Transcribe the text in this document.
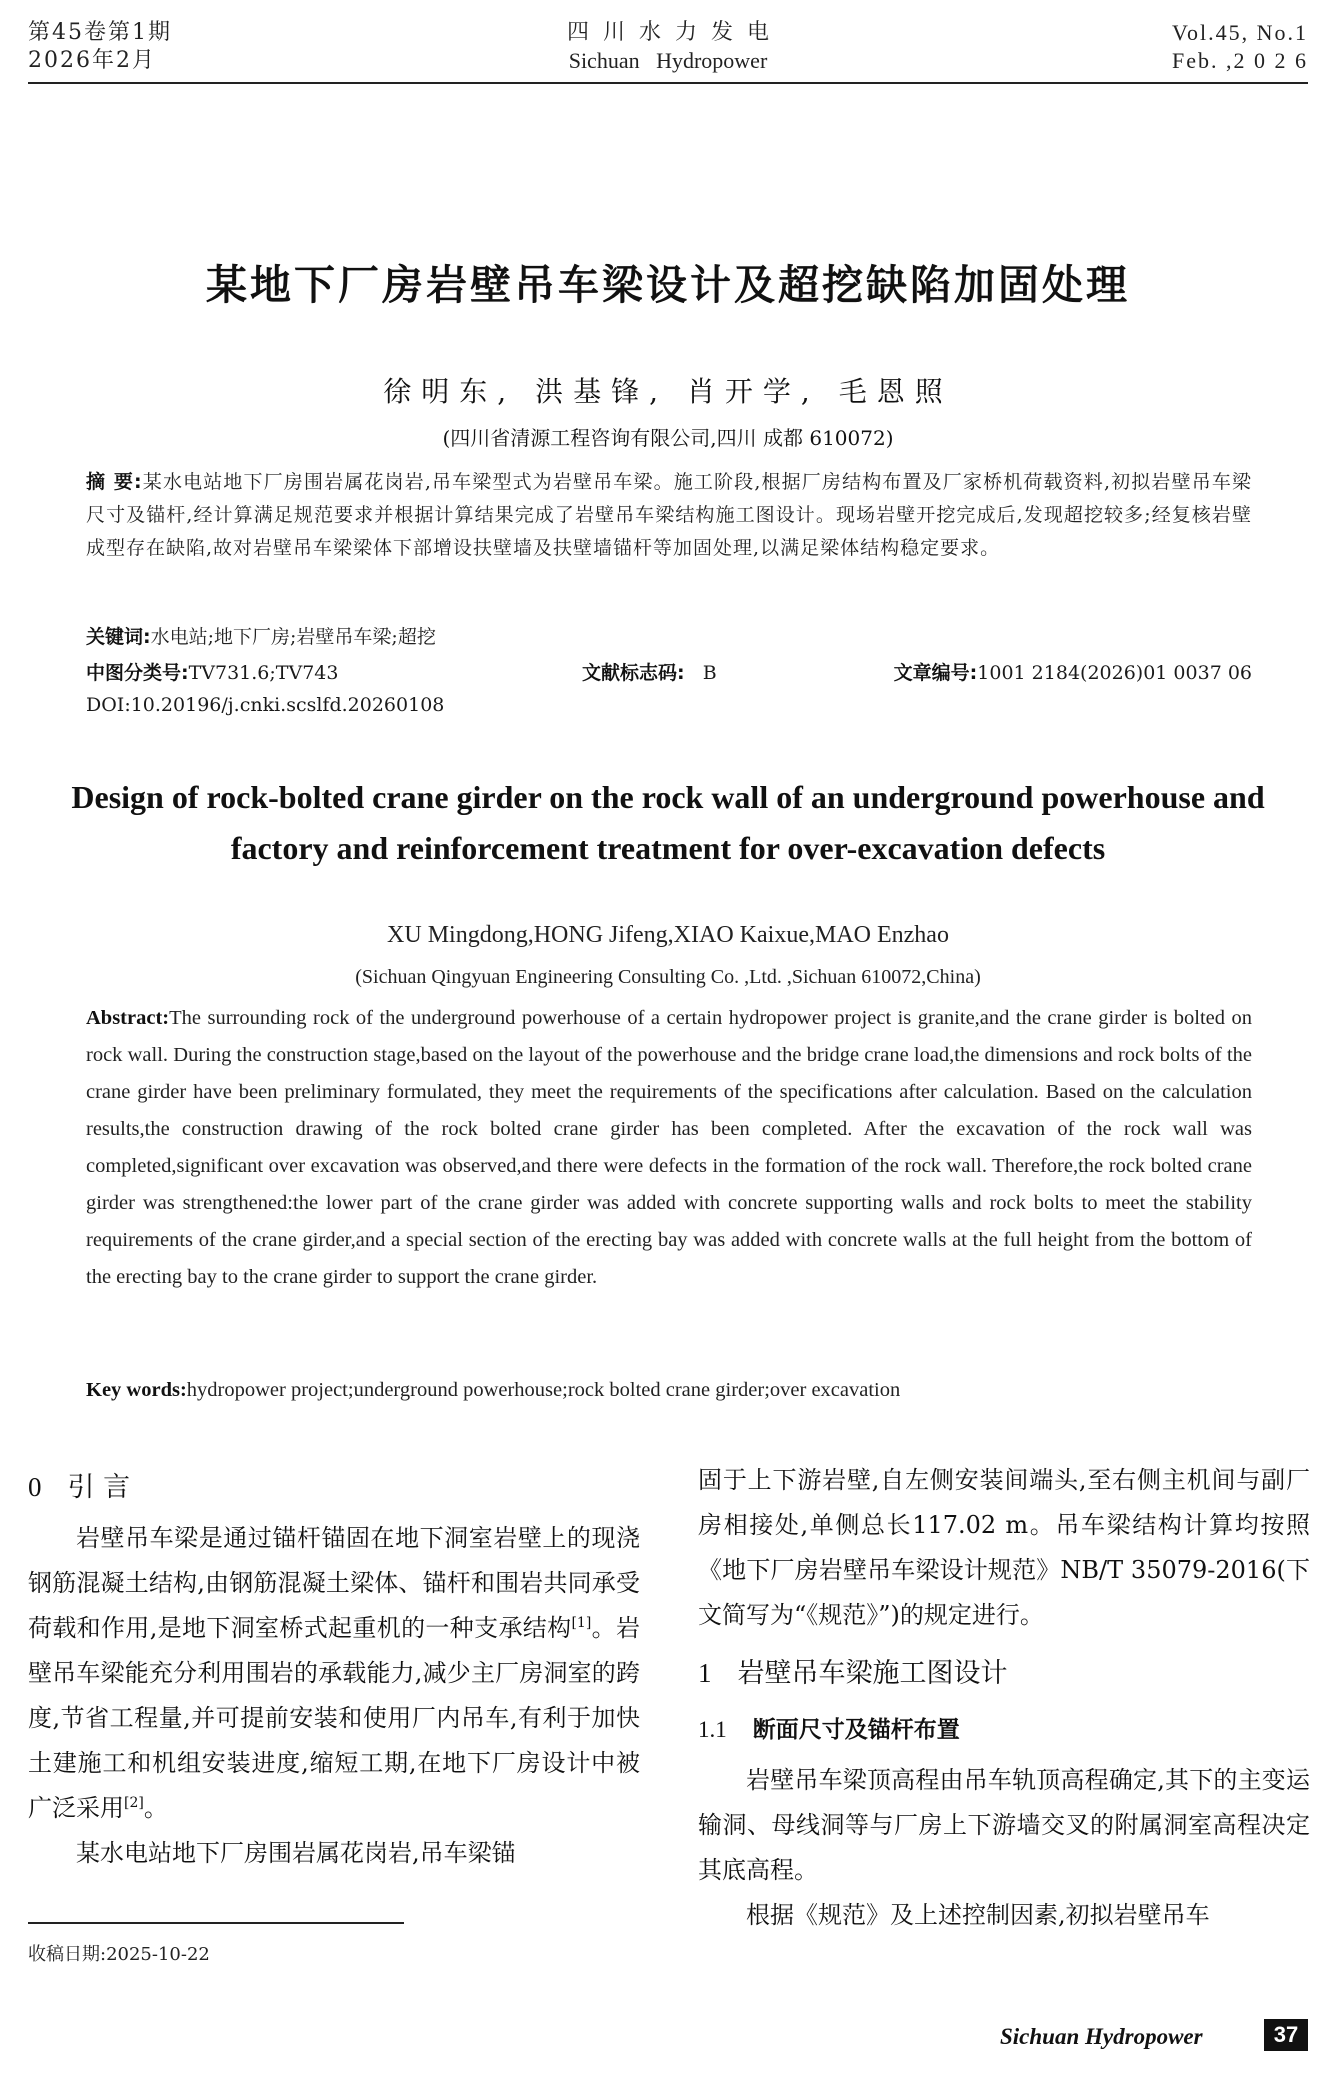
第45卷第1期
2026年2月
四  川  水  力  发  电
Sichuan   Hydropower
Vol.45, No.1
Feb. ,2 0 2 6
某地下厂房岩壁吊车梁设计及超挖缺陷加固处理
徐明东, 洪基锋, 肖开学, 毛恩照
(四川省清源工程咨询有限公司,四川 成都 610072)
摘 要:某水电站地下厂房围岩属花岗岩,吊车梁型式为岩壁吊车梁。施工阶段,根据厂房结构布置及厂家桥机荷载资料,初拟岩壁吊车梁尺寸及锚杆,经计算满足规范要求并根据计算结果完成了岩壁吊车梁结构施工图设计。现场岩壁开挖完成后,发现超挖较多;经复核岩壁成型存在缺陷,故对岩壁吊车梁梁体下部增设扶壁墙及扶壁墙锚杆等加固处理,以满足梁体结构稳定要求。
关键词:水电站;地下厂房;岩壁吊车梁;超挖
中图分类号:TV731.6;TV743	文献标志码: B	文章编号:1001 2184(2026)01 0037 06
DOI:10.20196/j.cnki.scslfd.20260108
Design of rock-bolted crane girder on the rock wall of an underground powerhouse and factory and reinforcement treatment for over-excavation defects
XU Mingdong,HONG Jifeng,XIAO Kaixue,MAO Enzhao
(Sichuan Qingyuan Engineering Consulting Co. ,Ltd. ,Sichuan 610072,China)
Abstract:The surrounding rock of the underground powerhouse of a certain hydropower project is granite,and the crane girder is bolted on rock wall. During the construction stage,based on the layout of the powerhouse and the bridge crane load,the dimensions and rock bolts of the crane girder have been preliminary formulated, they meet the requirements of the specifications after calculation. Based on the calculation results,the construction drawing of the rock bolted crane girder has been completed. After the excavation of the rock wall was completed,significant over excavation was observed,and there were defects in the formation of the rock wall. Therefore,the rock bolted crane girder was strengthened:the lower part of the crane girder was added with concrete supporting walls and rock bolts to meet the stability requirements of the crane girder,and a special section of the erecting bay was added with concrete walls at the full height from the bottom of the erecting bay to the crane girder to support the crane girder.
Key words:hydropower project;underground powerhouse;rock bolted crane girder;over excavation
0 引 言

岩壁吊车梁是通过锚杆锚固在地下洞室岩壁上的现浇钢筋混凝土结构,由钢筋混凝土梁体、锚杆和围岩共同承受荷载和作用,是地下洞室桥式起重机的一种支承结构[1]。岩壁吊车梁能充分利用围岩的承载能力,减少主厂房洞室的跨度,节省工程量,并可提前安装和使用厂内吊车,有利于加快土建施工和机组安装进度,缩短工期,在地下厂房设计中被广泛采用[2]。

某水电站地下厂房围岩属花岗岩,吊车梁锚

固于上下游岩壁,自左侧安装间端头,至右侧主机间与副厂房相接处,单侧总长117.02 m。吊车梁结构计算均按照《地下厂房岩壁吊车梁设计规范》NB/T 35079-2016(下文简写为“《规范》”)的规定进行。

1 岩壁吊车梁施工图设计
1.1 断面尺寸及锚杆布置

岩壁吊车梁顶高程由吊车轨顶高程确定,其下的主变运输洞、母线洞等与厂房上下游墙交叉的附属洞室高程决定其底高程。

根据《规范》及上述控制因素,初拟岩壁吊车

收稿日期:2025-10-22
Sichuan Hydropower	37
